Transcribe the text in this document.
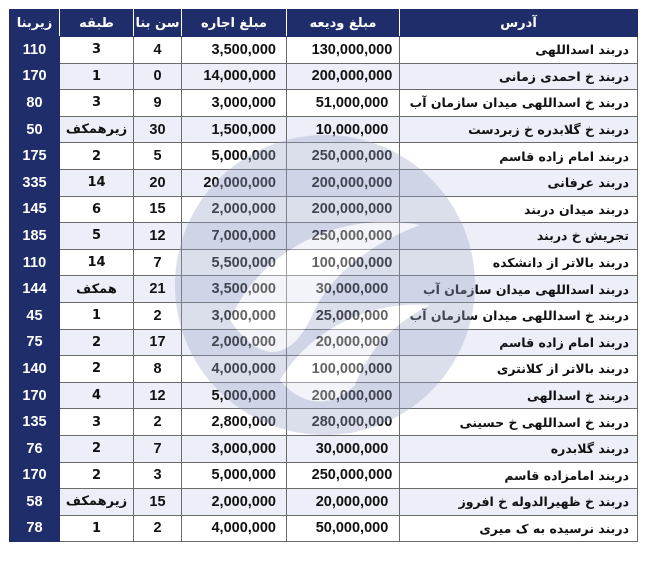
زیربنا	طبقه	سن بنا	مبلغ اجاره	مبلغ ودیعه	آدرس
110	3	4	3,500,000	130,000,000	دربند اسداللهی
170	1	0	14,000,000	200,000,000	دربند خ احمدی زمانی
80	3	9	3,000,000	51,000,000	دربند خ اسداللهی میدان سازمان آب
50	زیرهمکف	30	1,500,000	10,000,000	دربند خ گلابدره خ زبردست
175	2	5	5,000,000	250,000,000	دربند امام زاده قاسم
335	14	20	20,000,000	200,000,000	دربند عرفانی
145	6	15	2,000,000	200,000,000	دربند میدان دربند
185	5	12	7,000,000	250,000,000	تجریش خ دربند
110	14	7	5,500,000	100,000,000	دربند بالاتر از دانشکده
144	همکف	21	3,500,000	30,000,000	دربند اسداللهی میدان سازمان آب
45	1	2	3,000,000	25,000,000	دربند خ اسداللهی میدان سازمان آب
75	2	17	2,000,000	20,000,000	دربند امام زاده قاسم
140	2	8	4,000,000	100,000,000	دربند بالاتر از کلانتری
170	4	12	5,000,000	200,000,000	دربند خ اسدالهی
135	3	2	2,800,000	280,000,000	دربند خ اسداللهی خ حسینی
76	2	7	3,000,000	30,000,000	دربند گلابدره
170	2	3	5,000,000	250,000,000	دربند امامزاده قاسم
58	زیرهمکف	15	2,000,000	20,000,000	دربند خ ظهیرالدوله خ افروز
78	1	2	4,000,000	50,000,000	دربند نرسیده به ک میری
